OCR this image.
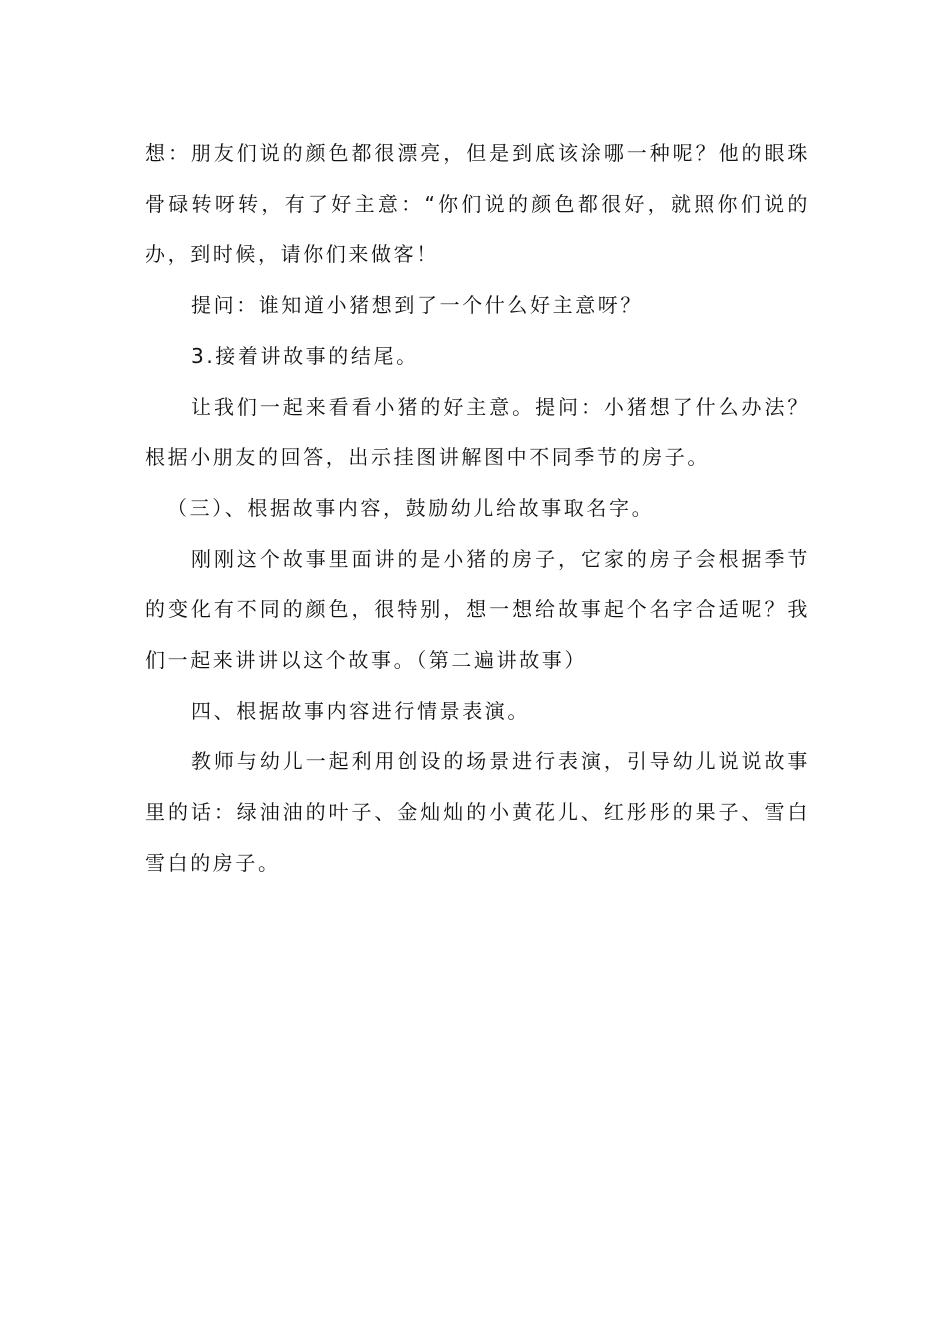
想：朋友们说的颜色都很漂亮，但是到底该涂哪一种呢？他的眼珠骨碌转呀转，有了好主意：“你们说的颜色都很好，就照你们说的办，到时候，请你们来做客！

提问：谁知道小猪想到了一个什么好主意呀？

3.接着讲故事的结尾。

让我们一起来看看小猪的好主意。提问：小猪想了什么办法？根据小朋友的回答，出示挂图讲解图中不同季节的房子。

（三）、根据故事内容，鼓励幼儿给故事取名字。

刚刚这个故事里面讲的是小猪的房子，它家的房子会根据季节的变化有不同的颜色，很特别，想一想给故事起个名字合适呢？我们一起来讲讲以这个故事。（第二遍讲故事）

四、根据故事内容进行情景表演。

教师与幼儿一起利用创设的场景进行表演，引导幼儿说说故事里的话：绿油油的叶子、金灿灿的小黄花儿、红彤彤的果子、雪白雪白的房子。
